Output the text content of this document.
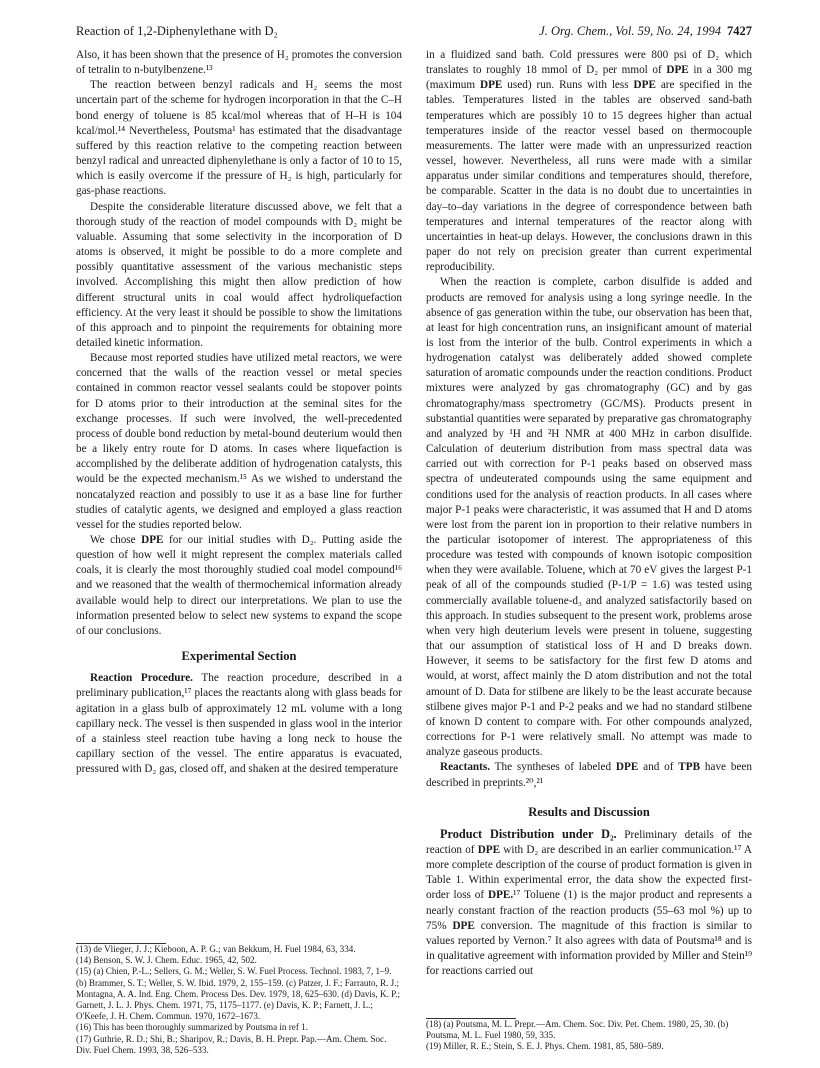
Reaction of 1,2-Diphenylethane with D₂	J. Org. Chem., Vol. 59, No. 24, 1994 7427

Also, it has been shown that the presence of H₂ promotes the conversion of tetralin to n-butylbenzene.¹³

The reaction between benzyl radicals and H₂ seems the most uncertain part of the scheme for hydrogen incorporation in that the C–H bond energy of toluene is 85 kcal/mol whereas that of H–H is 104 kcal/mol.¹⁴ Nevertheless, Poutsma¹ has estimated that the disadvantage suffered by this reaction relative to the competing reaction between benzyl radical and unreacted diphenylethane is only a factor of 10 to 15, which is easily overcome if the pressure of H₂ is high, particularly for gas-phase reactions.

Despite the considerable literature discussed above, we felt that a thorough study of the reaction of model compounds with D₂ might be valuable. Assuming that some selectivity in the incorporation of D atoms is observed, it might be possible to do a more complete and possibly quantitative assessment of the various mechanistic steps involved. Accomplishing this might then allow prediction of how different structural units in coal would affect hydroliquefaction efficiency. At the very least it should be possible to show the limitations of this approach and to pinpoint the requirements for obtaining more detailed kinetic information.

Because most reported studies have utilized metal reactors, we were concerned that the walls of the reaction vessel or metal species contained in common reactor vessel sealants could be stopover points for D atoms prior to their introduction at the seminal sites for the exchange processes. If such were involved, the well-precedented process of double bond reduction by metal-bound deuterium would then be a likely entry route for D atoms. In cases where liquefaction is accomplished by the deliberate addition of hydrogenation catalysts, this would be the expected mechanism.¹⁵ As we wished to understand the noncatalyzed reaction and possibly to use it as a base line for further studies of catalytic agents, we designed and employed a glass reaction vessel for the studies reported below.

We chose DPE for our initial studies with D₂. Putting aside the question of how well it might represent the complex materials called coals, it is clearly the most thoroughly studied coal model compound¹⁶ and we reasoned that the wealth of thermochemical information already available would help to direct our interpretations. We plan to use the information presented below to select new systems to expand the scope of our conclusions.

Experimental Section

Reaction Procedure. The reaction procedure, described in a preliminary publication,¹⁷ places the reactants along with glass beads for agitation in a glass bulb of approximately 12 mL volume with a long capillary neck. The vessel is then suspended in glass wool in the interior of a stainless steel reaction tube having a long neck to house the capillary section of the vessel. The entire apparatus is evacuated, pressured with D₂ gas, closed off, and shaken at the desired temperature

(13) de Vlieger, J. J.; Kieboon, A. P. G.; van Bekkum, H. Fuel 1984, 63, 334.
(14) Benson, S. W. J. Chem. Educ. 1965, 42, 502.
(15) (a) Chien, P.-L.; Sellers, G. M.; Weller, S. W. Fuel Process. Technol. 1983, 7, 1–9. (b) Brammer, S. T.; Weller, S. W. Ibid. 1979, 2, 155–159. (c) Patzer, J. F.; Farrauto, R. J.; Montagna, A. A. Ind. Eng. Chem. Process Des. Dev. 1979, 18, 625–630. (d) Davis, K. P.; Garnett, J. L. J. Phys. Chem. 1971, 75, 1175–1177. (e) Davis, K. P.; Farnett, J. L.; O'Keefe, J. H. Chem. Commun. 1970, 1672–1673.
(16) This has been thoroughly summarized by Poutsma in ref 1.
(17) Guthrie, R. D.; Shi, B.; Sharipov, R.; Davis, B. H. Prepr. Pap.—Am. Chem. Soc. Div. Fuel Chem. 1993, 38, 526–533.

in a fluidized sand bath. Cold pressures were 800 psi of D₂ which translates to roughly 18 mmol of D₂ per mmol of DPE in a 300 mg (maximum DPE used) run. Runs with less DPE are specified in the tables. Temperatures listed in the tables are observed sand-bath temperatures which are possibly 10 to 15 degrees higher than actual temperatures inside of the reactor vessel based on thermocouple measurements. The latter were made with an unpressurized reaction vessel, however. Nevertheless, all runs were made with a similar apparatus under similar conditions and temperatures should, therefore, be comparable. Scatter in the data is no doubt due to uncertainties in day–to–day variations in the degree of correspondence between bath temperatures and internal temperatures of the reactor along with uncertainties in heat-up delays. However, the conclusions drawn in this paper do not rely on precision greater than current experimental reproducibility.

When the reaction is complete, carbon disulfide is added and products are removed for analysis using a long syringe needle. In the absence of gas generation within the tube, our observation has been that, at least for high concentration runs, an insignificant amount of material is lost from the interior of the bulb. Control experiments in which a hydrogenation catalyst was deliberately added showed complete saturation of aromatic compounds under the reaction conditions. Product mixtures were analyzed by gas chromatography (GC) and by gas chromatography/mass spectrometry (GC/MS). Products present in substantial quantities were separated by preparative gas chromatography and analyzed by ¹H and ²H NMR at 400 MHz in carbon disulfide. Calculation of deuterium distribution from mass spectral data was carried out with correction for P-1 peaks based on observed mass spectra of undeuterated compounds using the same equipment and conditions used for the analysis of reaction products. In all cases where major P-1 peaks were characteristic, it was assumed that H and D atoms were lost from the parent ion in proportion to their relative numbers in the particular isotopomer of interest. The appropriateness of this procedure was tested with compounds of known isotopic composition when they were available. Toluene, which at 70 eV gives the largest P-1 peak of all of the compounds studied (P-1/P = 1.6) was tested using commercially available toluene-d₃ and analyzed satisfactorily based on this approach. In studies subsequent to the present work, problems arose when very high deuterium levels were present in toluene, suggesting that our assumption of statistical loss of H and D breaks down. However, it seems to be satisfactory for the first few D atoms and would, at worst, affect mainly the D atom distribution and not the total amount of D. Data for stilbene are likely to be the least accurate because stilbene gives major P-1 and P-2 peaks and we had no standard stilbene of known D content to compare with. For other compounds analyzed, corrections for P-1 were relatively small. No attempt was made to analyze gaseous products.

Reactants. The syntheses of labeled DPE and of TPB have been described in preprints.²⁰,²¹

Results and Discussion

Product Distribution under D₂. Preliminary details of the reaction of DPE with D₂ are described in an earlier communication.¹⁷ A more complete description of the course of product formation is given in Table 1. Within experimental error, the data show the expected first-order loss of DPE.¹⁷ Toluene (1) is the major product and represents a nearly constant fraction of the reaction products (55–63 mol %) up to 75% DPE conversion. The magnitude of this fraction is similar to values reported by Vernon.⁷ It also agrees with data of Poutsma¹⁸ and is in qualitative agreement with information provided by Miller and Stein¹⁹ for reactions carried out

(18) (a) Poutsma, M. L. Prepr.—Am. Chem. Soc. Div. Pet. Chem. 1980, 25, 30. (b) Poutsma, M. L. Fuel 1980, 59, 335.
(19) Miller, R. E.; Stein, S. E. J. Phys. Chem. 1981, 85, 580–589.
